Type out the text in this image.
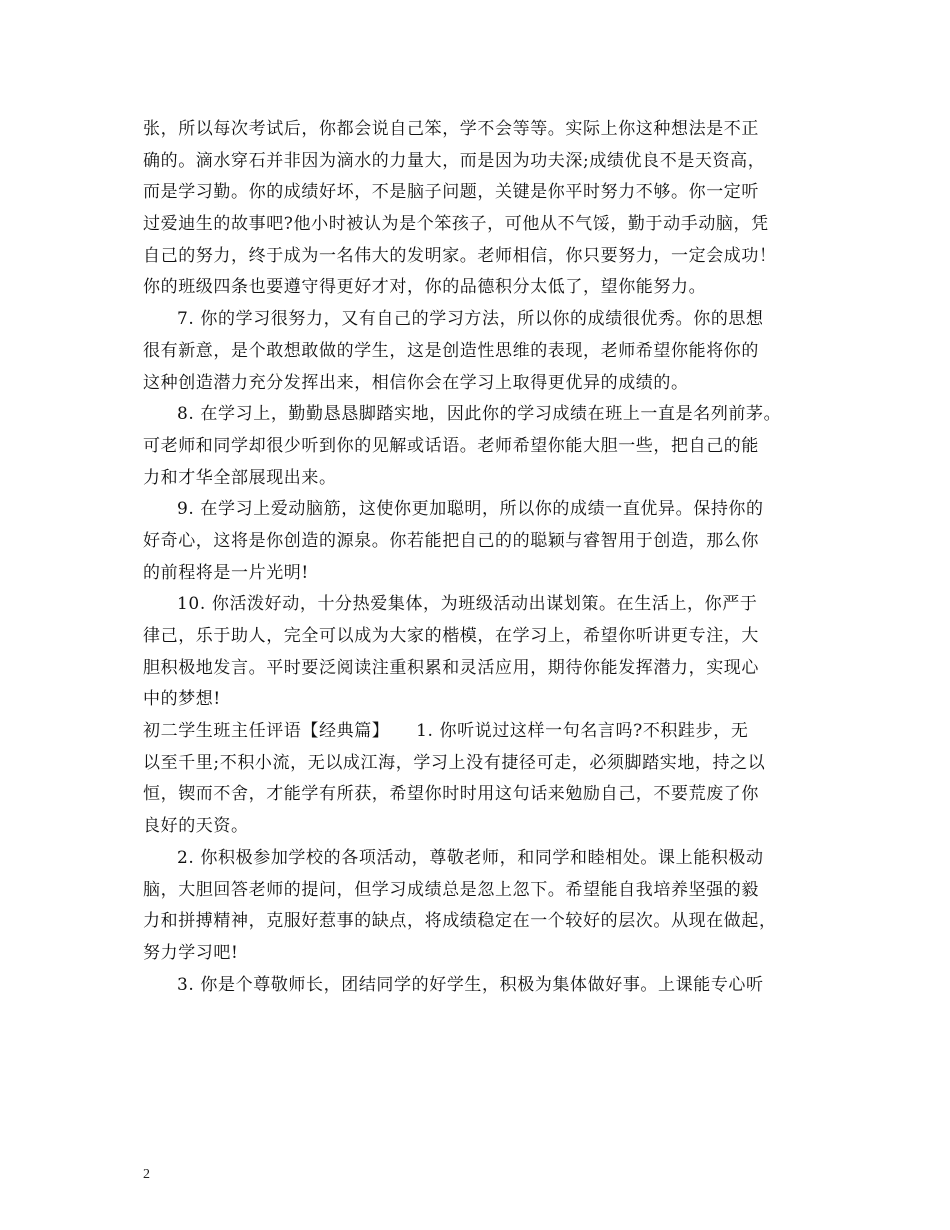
张，所以每次考试后，你都会说自己笨，学不会等等。实际上你这种想法是不正
确的。滴水穿石并非因为滴水的力量大，而是因为功夫深;成绩优良不是天资高，
而是学习勤。你的成绩好坏，不是脑子问题，关键是你平时努力不够。你一定听
过爱迪生的故事吧?他小时被认为是个笨孩子，可他从不气馁，勤于动手动脑，凭
自己的努力，终于成为一名伟大的发明家。老师相信，你只要努力，一定会成功！
你的班级四条也要遵守得更好才对，你的品德积分太低了，望你能努力。
7. 你的学习很努力，又有自己的学习方法，所以你的成绩很优秀。你的思想
很有新意，是个敢想敢做的学生，这是创造性思维的表现，老师希望你能将你的
这种创造潜力充分发挥出来，相信你会在学习上取得更优异的成绩的。
8. 在学习上，勤勤恳恳脚踏实地，因此你的学习成绩在班上一直是名列前茅。
可老师和同学却很少听到你的见解或话语。老师希望你能大胆一些，把自己的能
力和才华全部展现出来。
9. 在学习上爱动脑筋，这使你更加聪明，所以你的成绩一直优异。保持你的
好奇心，这将是你创造的源泉。你若能把自己的的聪颖与睿智用于创造，那么你
的前程将是一片光明!
10. 你活泼好动，十分热爱集体，为班级活动出谋划策。在生活上，你严于
律己，乐于助人，完全可以成为大家的楷模，在学习上，希望你听讲更专注，大
胆积极地发言。平时要泛阅读注重积累和灵活应用，期待你能发挥潜力，实现心
中的梦想!
初二学生班主任评语【经典篇】　　1. 你听说过这样一句名言吗?不积跬步，无
以至千里;不积小流，无以成江海，学习上没有捷径可走，必须脚踏实地，持之以
恒，锲而不舍，才能学有所获，希望你时时用这句话来勉励自己，不要荒废了你
良好的天资。
2. 你积极参加学校的各项活动，尊敬老师，和同学和睦相处。课上能积极动
脑，大胆回答老师的提问，但学习成绩总是忽上忽下。希望能自我培养坚强的毅
力和拼搏精神，克服好惹事的缺点，将成绩稳定在一个较好的层次。从现在做起，
努力学习吧!
3. 你是个尊敬师长，团结同学的好学生，积极为集体做好事。上课能专心听
2
